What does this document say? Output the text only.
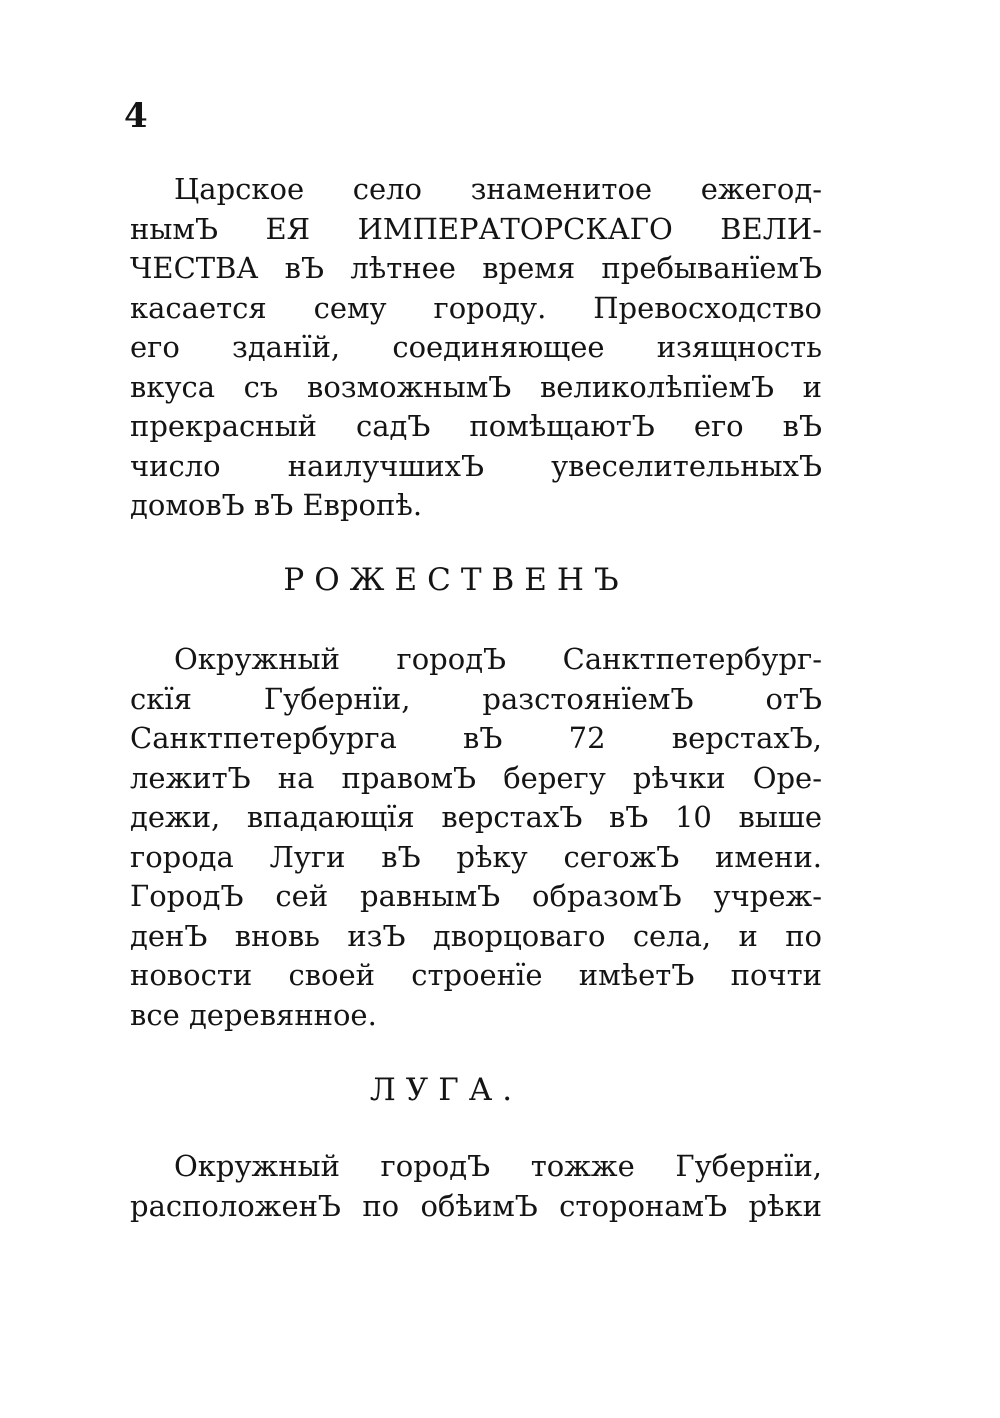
4
Царское село знаменитое ежегод-
нымЪ ЕЯ ИМПЕРАТОРСКАГО ВЕЛИ-
ЧЕСТВА вЪ лѣтнее время пребыванїемЪ
касается сему городу. Превосходство
его зданїй, соединяющее изящность
вкуса съ возможнымЪ великолѣпїемЪ и
прекрасный садЪ помѣщаютЪ его вЪ
число наилучшихЪ увеселительныхЪ
домовЪ вЪ Европѣ.
РОЖЕСТВЕНЪ
Окружный городЪ Санктпетербург-
скїя Губернїи, разстоянїемЪ отЪ
Санктпетербурга вЪ 72 верстахЪ,
лежитЪ на правомЪ берегу рѣчки Оре-
дежи, впадающїя верстахЪ вЪ 10 выше
города Луги вЪ рѣку сегожЪ имени.
ГородЪ сей равнымЪ образомЪ учреж-
денЪ вновь изЪ дворцоваго села, и по
новости своей строенїе имѣетЪ почти
все деревянное.
ЛУГА.
Окружный городЪ тожже Губернїи,
расположенЪ по обѣимЪ сторонамЪ рѣки
